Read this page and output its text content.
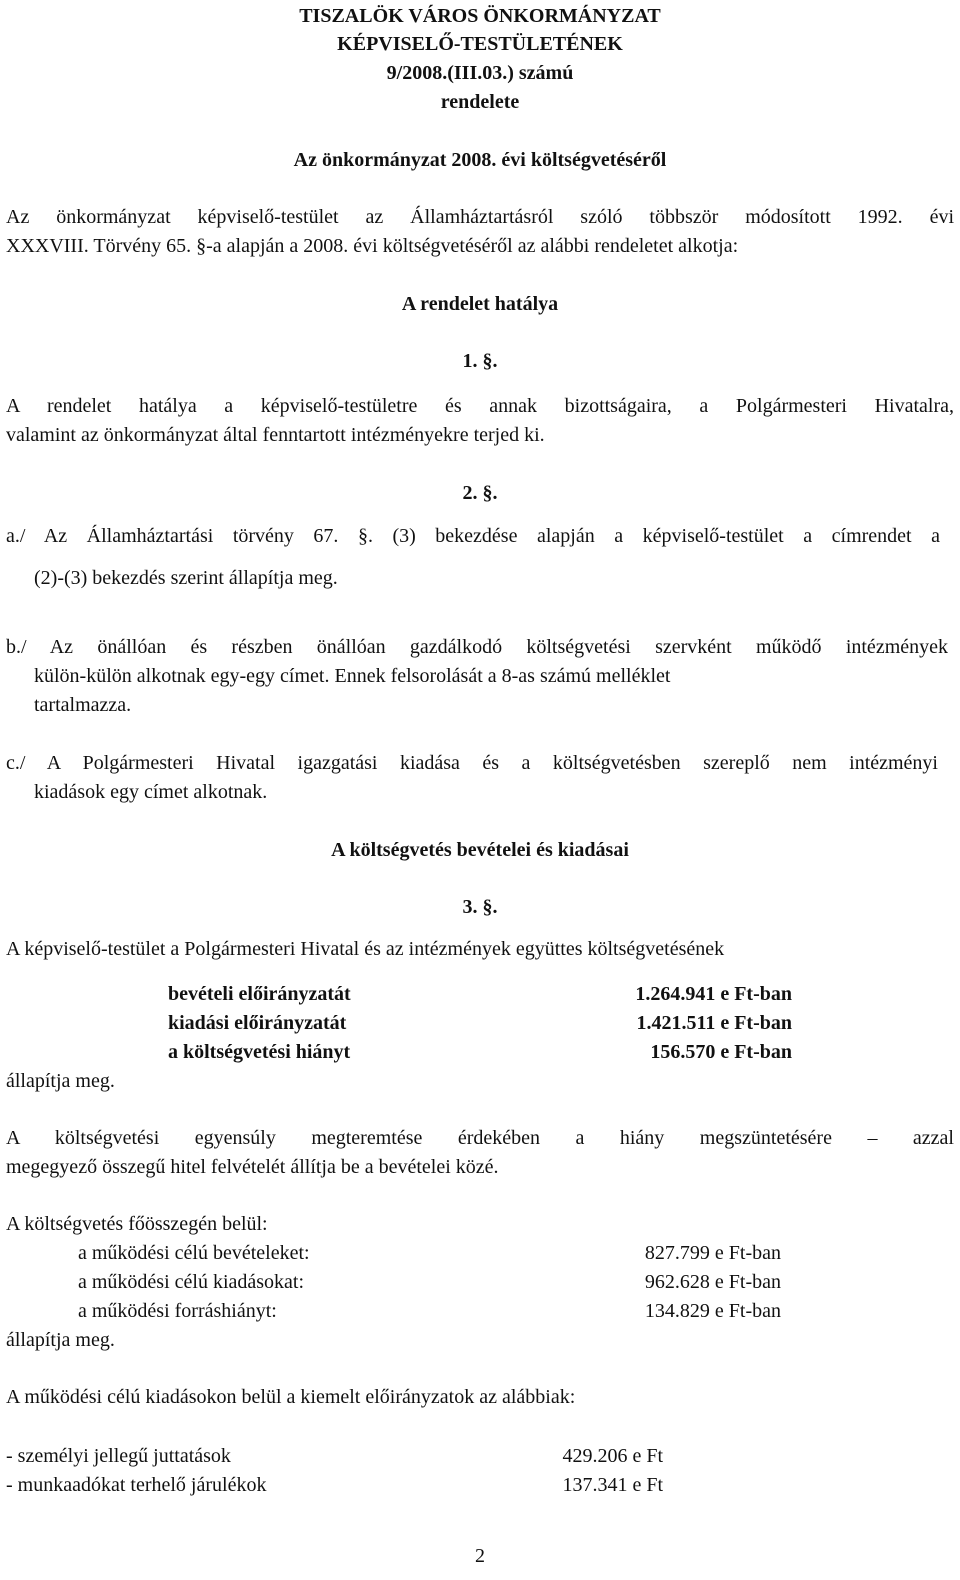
TISZALÖK VÁROS ÖNKORMÁNYZAT
KÉPVISELŐ-TESTÜLETÉNEK
9/2008.(III.03.) számú
rendelete
Az önkormányzat 2008. évi költségvetéséről
Az önkormányzat képviselő-testület az Államháztartásról szóló többször módosított 1992. évi
XXXVIII. Törvény 65. §-a alapján a 2008. évi költségvetéséről az alábbi rendeletet alkotja:
A rendelet hatálya
1. §.
A rendelet hatálya a képviselő-testületre és annak bizottságaira, a Polgármesteri Hivatalra,
valamint az önkormányzat által fenntartott intézményekre terjed ki.
2. §.
a./ Az Államháztartási törvény 67. §. (3) bekezdése alapján a képviselő-testület a címrendet a
(2)-(3) bekezdés szerint állapítja meg.
b./ Az önállóan és részben önállóan gazdálkodó költségvetési szervként működő intézmények
külön-külön alkotnak egy-egy címet. Ennek felsorolását a 8-as számú melléklet
tartalmazza.
c./ A Polgármesteri Hivatal igazgatási kiadása és a költségvetésben szereplő nem intézményi
kiadások egy címet alkotnak.
A költségvetés bevételei és kiadásai
3. §.
A képviselő-testület a Polgármesteri Hivatal és az intézmények együttes költségvetésének
bevételi előirányzatát	1.264.941 e Ft-ban
kiadási előirányzatát	1.421.511 e Ft-ban
a költségvetési hiányt	156.570 e Ft-ban
állapítja meg.
A költségvetési egyensúly megteremtése érdekében a hiány megszüntetésére – azzal
megegyező összegű hitel felvételét állítja be a bevételei közé.
A költségvetés főösszegén belül:
a működési célú bevételeket:	827.799 e Ft-ban
a működési célú kiadásokat:	962.628 e Ft-ban
a működési forráshiányt:	134.829 e Ft-ban
állapítja meg.
A működési célú kiadásokon belül a kiemelt előirányzatok az alábbiak:
- személyi jellegű juttatások	429.206 e Ft
- munkaadókat terhelő járulékok	137.341 e Ft
2
